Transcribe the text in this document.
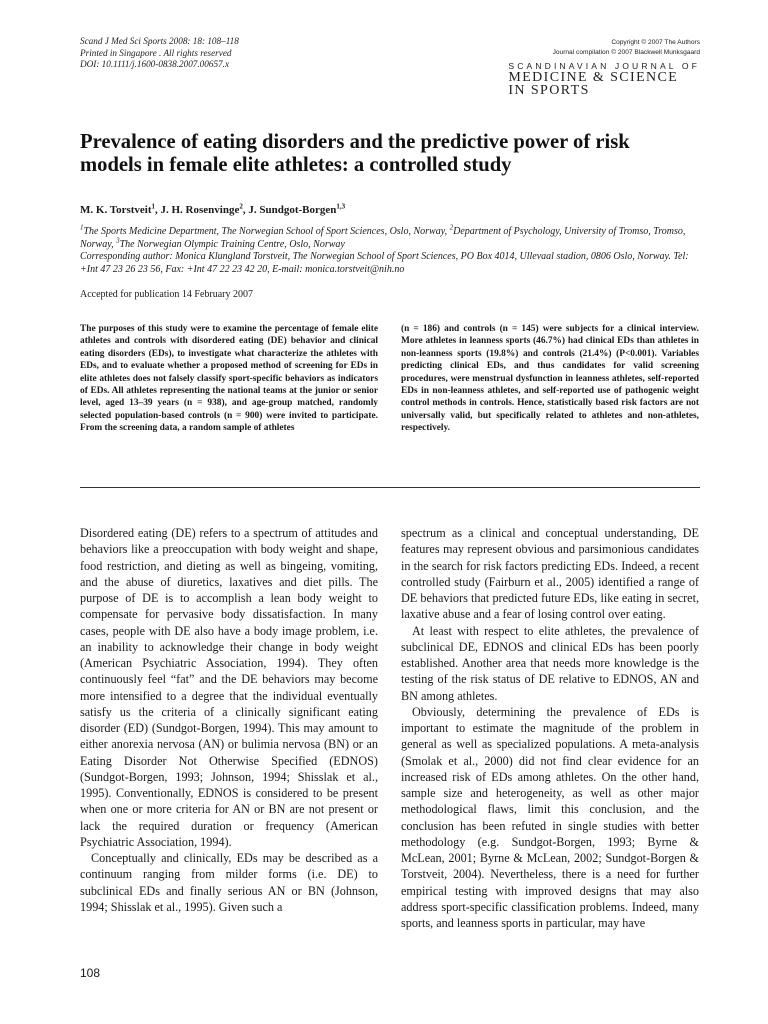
Scand J Med Sci Sports 2008: 18: 108–118
Printed in Singapore . All rights reserved
DOI: 10.1111/j.1600-0838.2007.00657.x
Copyright © 2007 The Authors
Journal compilation © 2007 Blackwell Munksgaard
SCANDINAVIAN JOURNAL OF
MEDICINE & SCIENCE
IN SPORTS
Prevalence of eating disorders and the predictive power of risk models in female elite athletes: a controlled study
M. K. Torstveit$^1$, J. H. Rosenvinge$^2$, J. Sundgot-Borgen$^{1,3}$
$^1$The Sports Medicine Department, The Norwegian School of Sport Sciences, Oslo, Norway, $^2$Department of Psychology, University of Tromso, Tromso, Norway, $^3$The Norwegian Olympic Training Centre, Oslo, Norway
Corresponding author: Monica Klungland Torstveit, The Norwegian School of Sport Sciences, PO Box 4014, Ullevaal stadion, 0806 Oslo, Norway. Tel: +Int 47 23 26 23 56, Fax: +Int 47 22 23 42 20, E-mail: monica.torstveit@nih.no
Accepted for publication 14 February 2007
The purposes of this study were to examine the percentage of female elite athletes and controls with disordered eating (DE) behavior and clinical eating disorders (EDs), to investigate what characterize the athletes with EDs, and to evaluate whether a proposed method of screening for EDs in elite athletes does not falsely classify sport-specific behaviors as indicators of EDs. All athletes representing the national teams at the junior or senior level, aged 13–39 years (n = 938), and age-group matched, randomly selected population-based controls (n = 900) were invited to participate. From the screening data, a random sample of athletes
(n = 186) and controls (n = 145) were subjects for a clinical interview. More athletes in leanness sports (46.7%) had clinical EDs than athletes in non-leanness sports (19.8%) and controls (21.4%) (P<0.001). Variables predicting clinical EDs, and thus candidates for valid screening procedures, were menstrual dysfunction in leanness athletes, self-reported EDs in non-leanness athletes, and self-reported use of pathogenic weight control methods in controls. Hence, statistically based risk factors are not universally valid, but specifically related to athletes and non-athletes, respectively.

Disordered eating (DE) refers to a spectrum of attitudes and behaviors like a preoccupation with body weight and shape, food restriction, and dieting as well as bingeing, vomiting, and the abuse of diuretics, laxatives and diet pills. The purpose of DE is to accomplish a lean body weight to compensate for pervasive body dissatisfaction. In many cases, people with DE also have a body image problem, i.e. an inability to acknowledge their change in body weight (American Psychiatric Association, 1994). They often continuously feel “fat” and the DE behaviors may become more intensified to a degree that the individual eventually satisfy us the criteria of a clinically significant eating disorder (ED) (Sundgot-Borgen, 1994). This may amount to either anorexia nervosa (AN) or bulimia nervosa (BN) or an Eating Disorder Not Otherwise Specified (EDNOS) (Sundgot-Borgen, 1993; Johnson, 1994; Shisslak et al., 1995). Conventionally, EDNOS is considered to be present when one or more criteria for AN or BN are not present or lack the required duration or frequency (American Psychiatric Association, 1994).

Conceptually and clinically, EDs may be described as a continuum ranging from milder forms (i.e. DE) to subclinical EDs and finally serious AN or BN (Johnson, 1994; Shisslak et al., 1995). Given such a

spectrum as a clinical and conceptual understanding, DE features may represent obvious and parsimonious candidates in the search for risk factors predicting EDs. Indeed, a recent controlled study (Fairburn et al., 2005) identified a range of DE behaviors that predicted future EDs, like eating in secret, laxative abuse and a fear of losing control over eating.

At least with respect to elite athletes, the prevalence of subclinical DE, EDNOS and clinical EDs has been poorly established. Another area that needs more knowledge is the testing of the risk status of DE relative to EDNOS, AN and BN among athletes.

Obviously, determining the prevalence of EDs is important to estimate the magnitude of the problem in general as well as specialized populations. A meta-analysis (Smolak et al., 2000) did not find clear evidence for an increased risk of EDs among athletes. On the other hand, sample size and heterogeneity, as well as other major methodological flaws, limit this conclusion, and the conclusion has been refuted in single studies with better methodology (e.g. Sundgot-Borgen, 1993; Byrne & McLean, 2001; Byrne & McLean, 2002; Sundgot-Borgen & Torstveit, 2004). Nevertheless, there is a need for further empirical testing with improved designs that may also address sport-specific classification problems. Indeed, many sports, and leanness sports in particular, may have

108
